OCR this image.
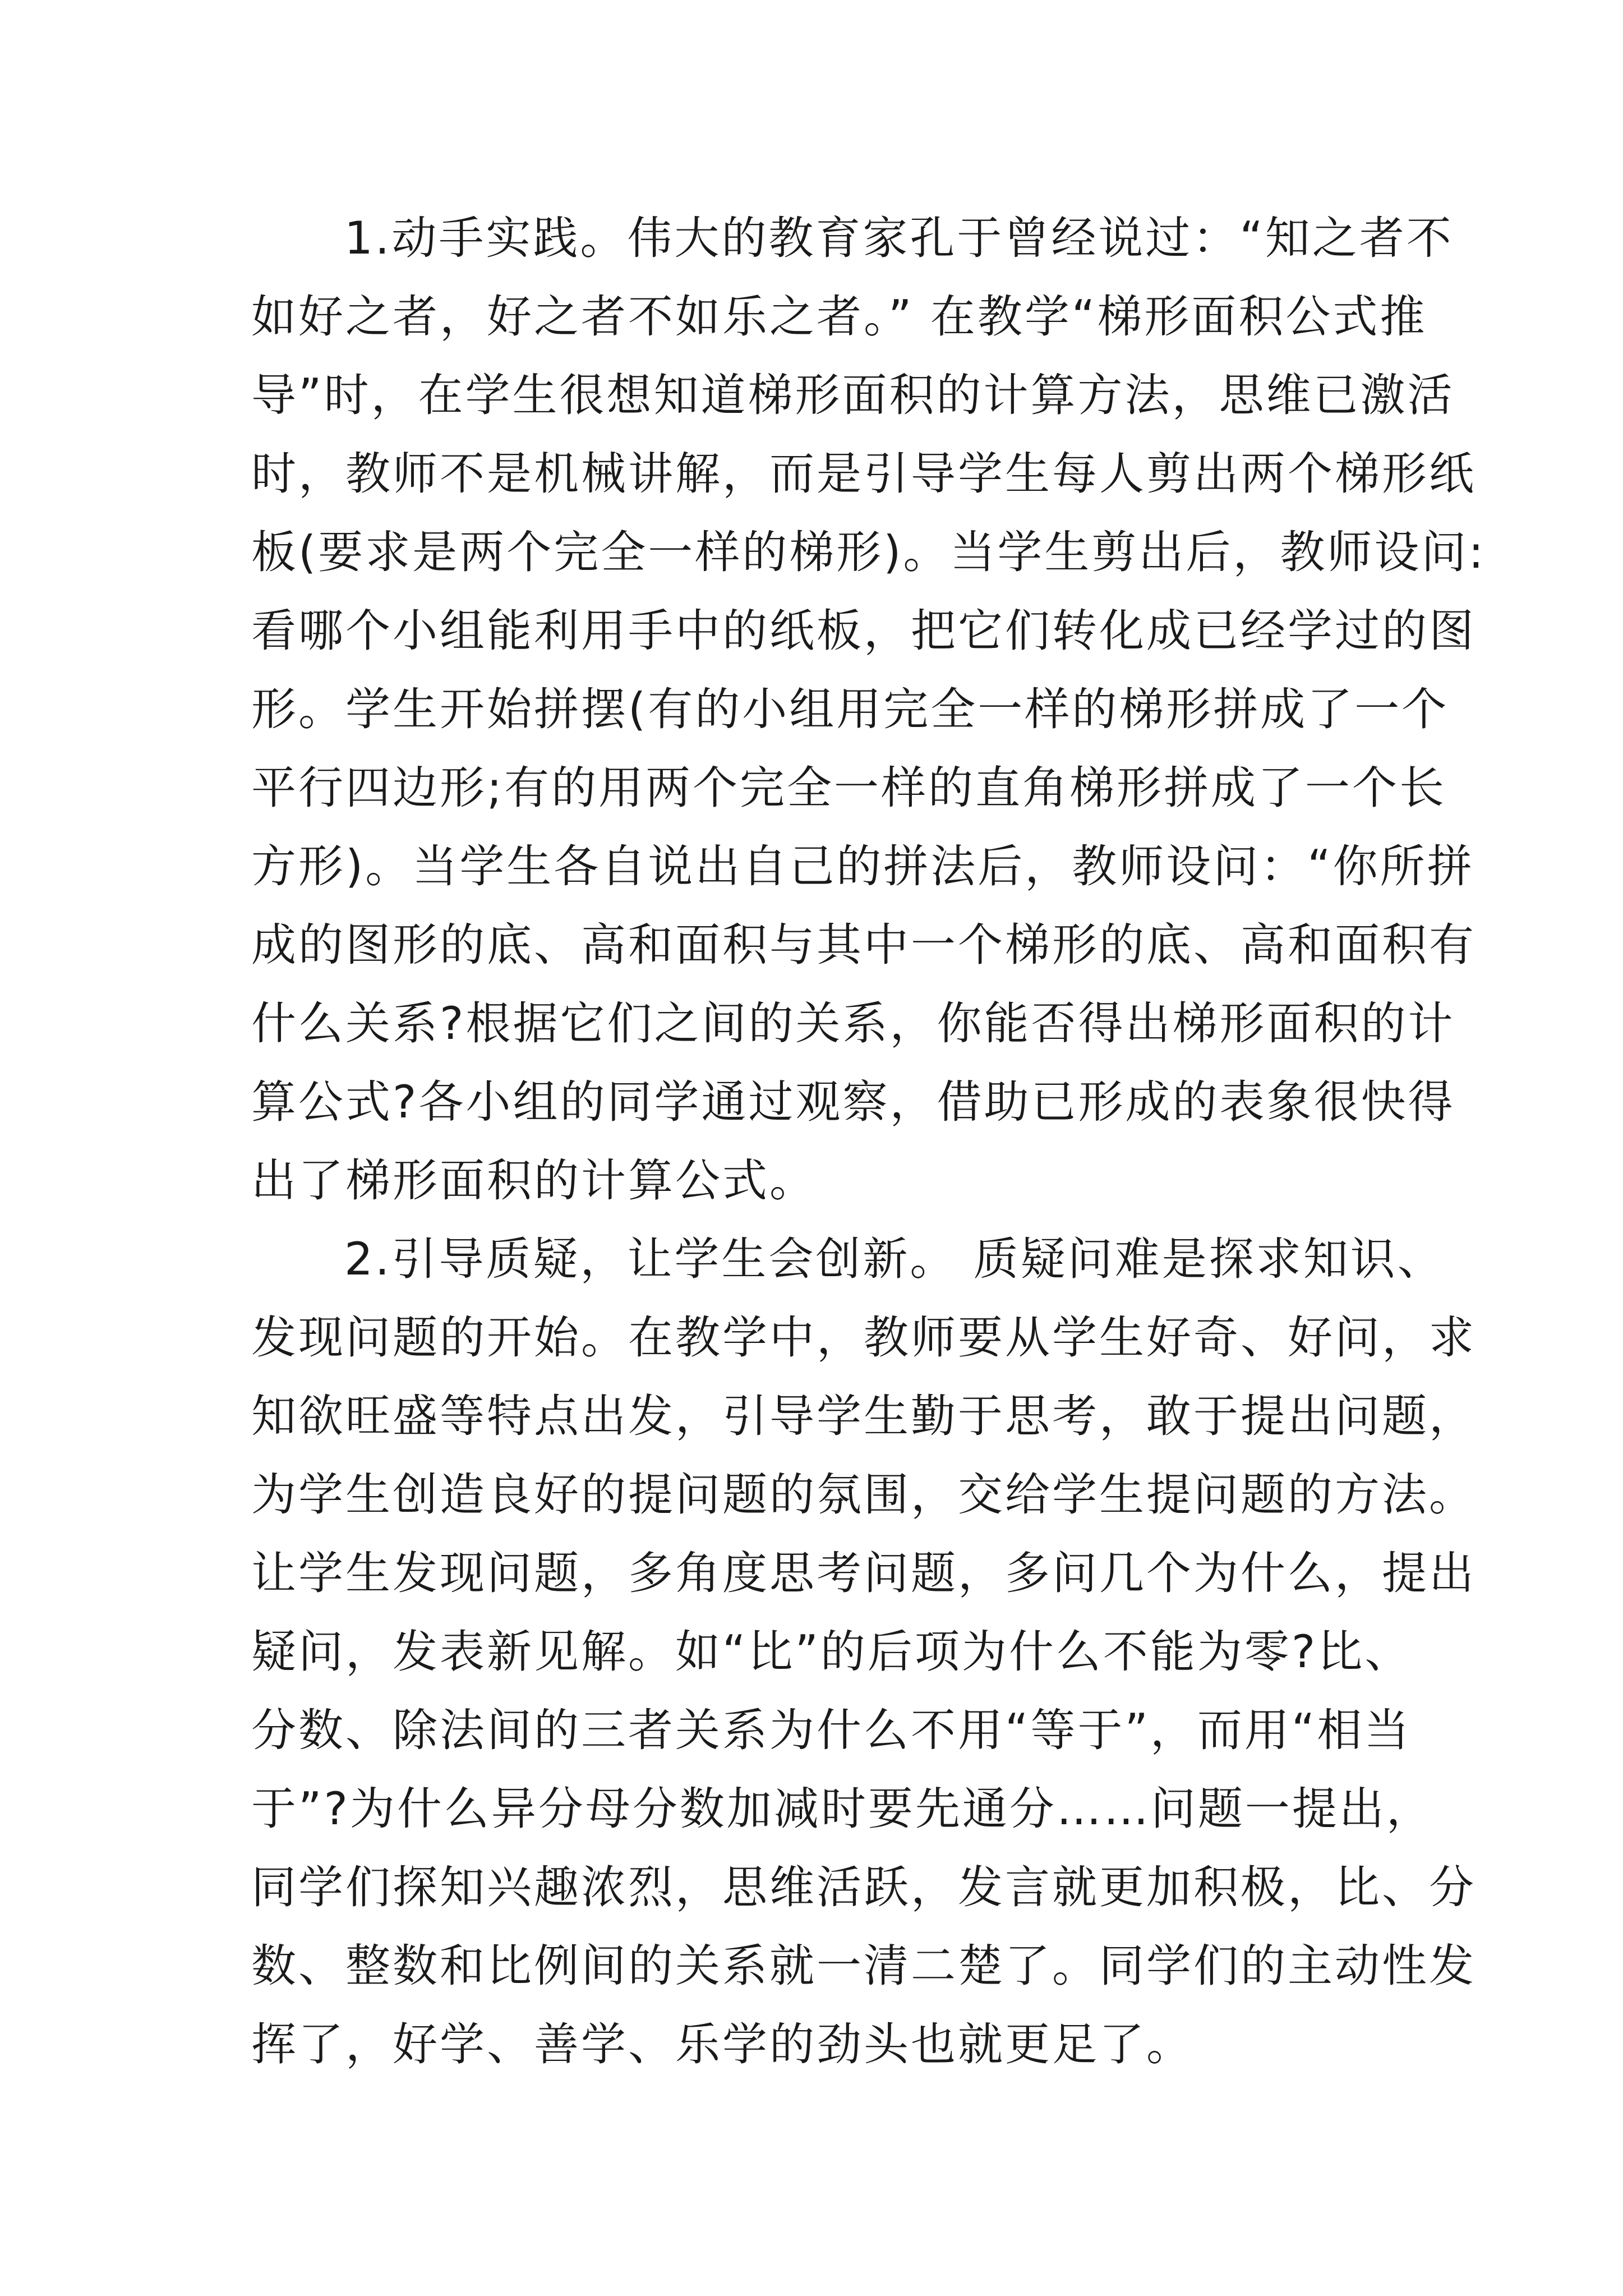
1.动手实践。伟大的教育家孔于曾经说过：“知之者不
如好之者，好之者不如乐之者。” 在教学“梯形面积公式推
导”时，在学生很想知道梯形面积的计算方法，思维已激活
时，教师不是机械讲解，而是引导学生每人剪出两个梯形纸
板(要求是两个完全一样的梯形)。当学生剪出后，教师设问:
看哪个小组能利用手中的纸板，把它们转化成已经学过的图
形。学生开始拼摆(有的小组用完全一样的梯形拼成了一个
平行四边形;有的用两个完全一样的直角梯形拼成了一个长
方形)。当学生各自说出自己的拼法后，教师设问：“你所拼
成的图形的底、高和面积与其中一个梯形的底、高和面积有
什么关系?根据它们之间的关系，你能否得出梯形面积的计
算公式?各小组的同学通过观察，借助已形成的表象很快得
出了梯形面积的计算公式。
2.引导质疑，让学生会创新。 质疑问难是探求知识、
发现问题的开始。在教学中，教师要从学生好奇、好问，求
知欲旺盛等特点出发，引导学生勤于思考，敢于提出问题，
为学生创造良好的提问题的氛围，交给学生提问题的方法。
让学生发现问题，多角度思考问题，多问几个为什么，提出
疑问，发表新见解。如“比”的后项为什么不能为零?比、
分数、除法间的三者关系为什么不用“等于”，而用“相当
于”?为什么异分母分数加减时要先通分……问题一提出，
同学们探知兴趣浓烈，思维活跃，发言就更加积极，比、分
数、整数和比例间的关系就一清二楚了。同学们的主动性发
挥了，好学、善学、乐学的劲头也就更足了。
